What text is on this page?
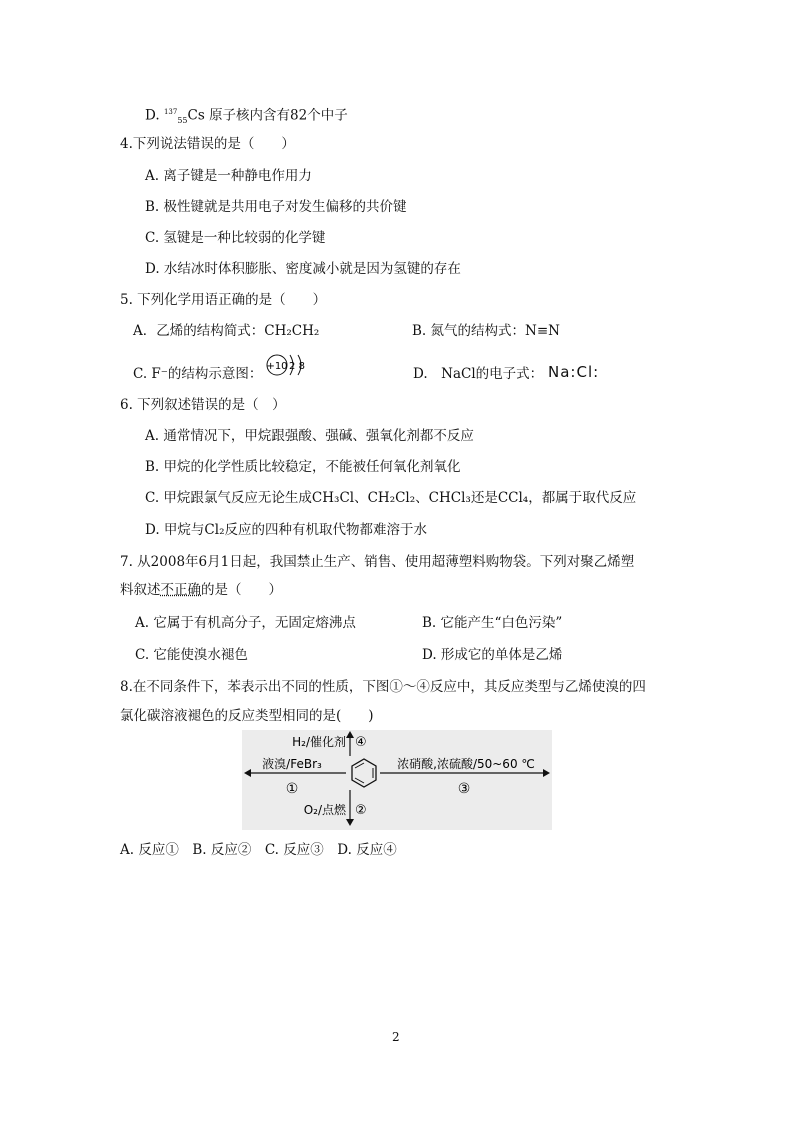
D. $^{137}_{55}$Cs 原子核内含有82个中子
4.下列说法错误的是（　　）
A. 离子键是一种静电作用力
B. 极性键就是共用电子对发生偏移的共价键
C. 氢键是一种比较弱的化学键
D. 水结冰时体积膨胀、密度减小就是因为氢键的存在
5. 下列化学用语正确的是（　　）
A．乙烯的结构简式：CH₂CH₂	B. 氮气的结构式：N≡N
C. F⁻的结构示意图： +10 2 8	D.　NaCl的电子式： Na:Cl:
6. 下列叙述错误的是（　）
A. 通常情况下，甲烷跟强酸、强碱、强氧化剂都不反应
B. 甲烷的化学性质比较稳定，不能被任何氧化剂氧化
C. 甲烷跟氯气反应无论生成CH₃Cl、CH₂Cl₂、CHCl₃还是CCl₄，都属于取代反应
D. 甲烷与Cl₂反应的四种有机取代物都难溶于水
7. 从2008年6月1日起，我国禁止生产、销售、使用超薄塑料购物袋。下列对聚乙烯塑
料叙述不正确的是（　　）
A. 它属于有机高分子，无固定熔沸点	B. 它能产生“白色污染”
C. 它能使溴水褪色	D. 形成它的单体是乙烯
8.在不同条件下，苯表示出不同的性质，下图①～④反应中，其反应类型与乙烯使溴的四
氯化碳溶液褪色的反应类型相同的是(　　)
H₂/催化剂 ④
液溴/FeBr₃
①
浓硝酸,浓硫酸/50~60 ℃
③
O₂/点燃 ②
A. 反应①　B. 反应②　C. 反应③　D. 反应④
2
